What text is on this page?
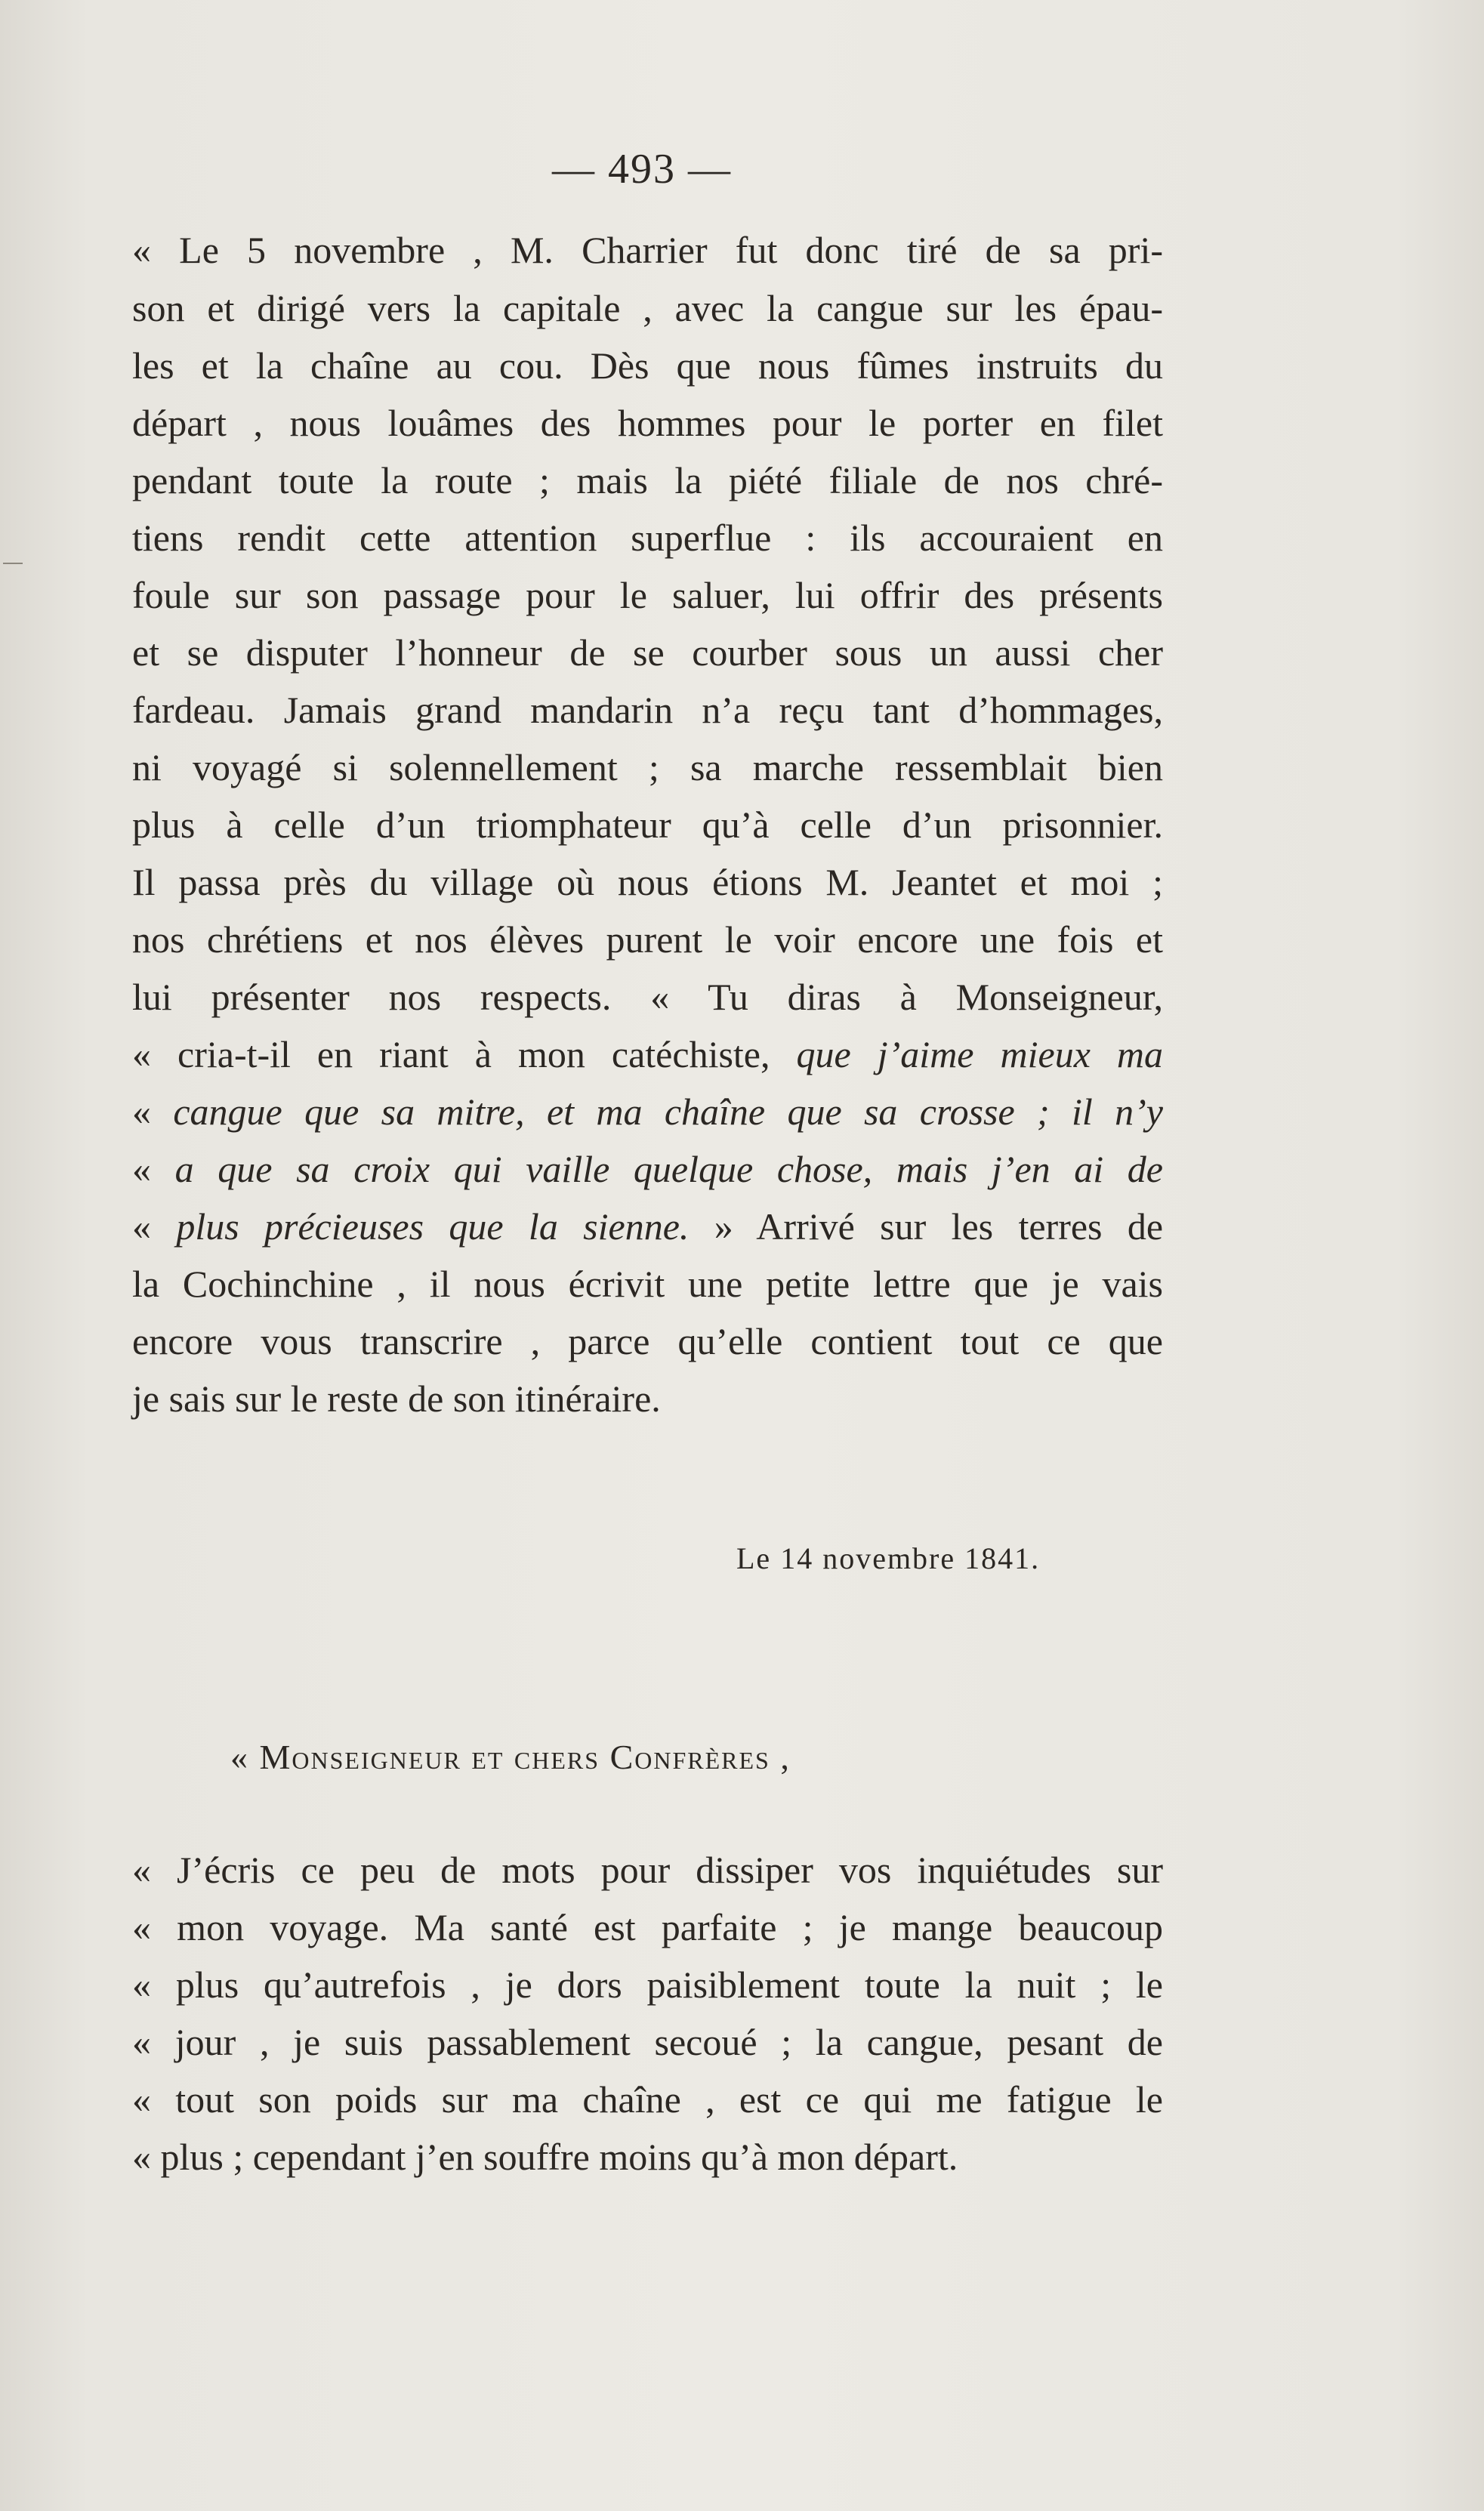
— 493 —
« Le 5 novembre , M. Charrier fut donc tiré de sa pri-
son et dirigé vers la capitale , avec la cangue sur les épau-
les et la chaîne au cou. Dès que nous fûmes instruits du
départ , nous louâmes des hommes pour le porter en filet
pendant toute la route ; mais la piété filiale de nos chré-
tiens rendit cette attention superflue : ils accouraient en
foule sur son passage pour le saluer, lui offrir des présents
et se disputer l’honneur de se courber sous un aussi cher
fardeau. Jamais grand mandarin n’a reçu tant d’hommages,
ni voyagé si solennellement ; sa marche ressemblait bien
plus à celle d’un triomphateur qu’à celle d’un prisonnier.
Il passa près du village où nous étions M. Jeantet et moi ;
nos chrétiens et nos élèves purent le voir encore une fois et
lui présenter nos respects. « Tu diras à Monseigneur,
« cria-t-il en riant à mon catéchiste, que j’aime mieux ma
« cangue que sa mitre, et ma chaîne que sa crosse ; il n’y
« a que sa croix qui vaille quelque chose, mais j’en ai de
« plus précieuses que la sienne. » Arrivé sur les terres de
la Cochinchine , il nous écrivit une petite lettre que je vais
encore vous transcrire , parce qu’elle contient tout ce que
je sais sur le reste de son itinéraire.
Le 14 novembre 1841.
« Monseigneur et chers Confrères ,
« J’écris ce peu de mots pour dissiper vos inquiétudes sur
« mon voyage. Ma santé est parfaite ; je mange beaucoup
« plus qu’autrefois , je dors paisiblement toute la nuit ; le
« jour , je suis passablement secoué ; la cangue, pesant de
« tout son poids sur ma chaîne , est ce qui me fatigue le
« plus ; cependant j’en souffre moins qu’à mon départ.
